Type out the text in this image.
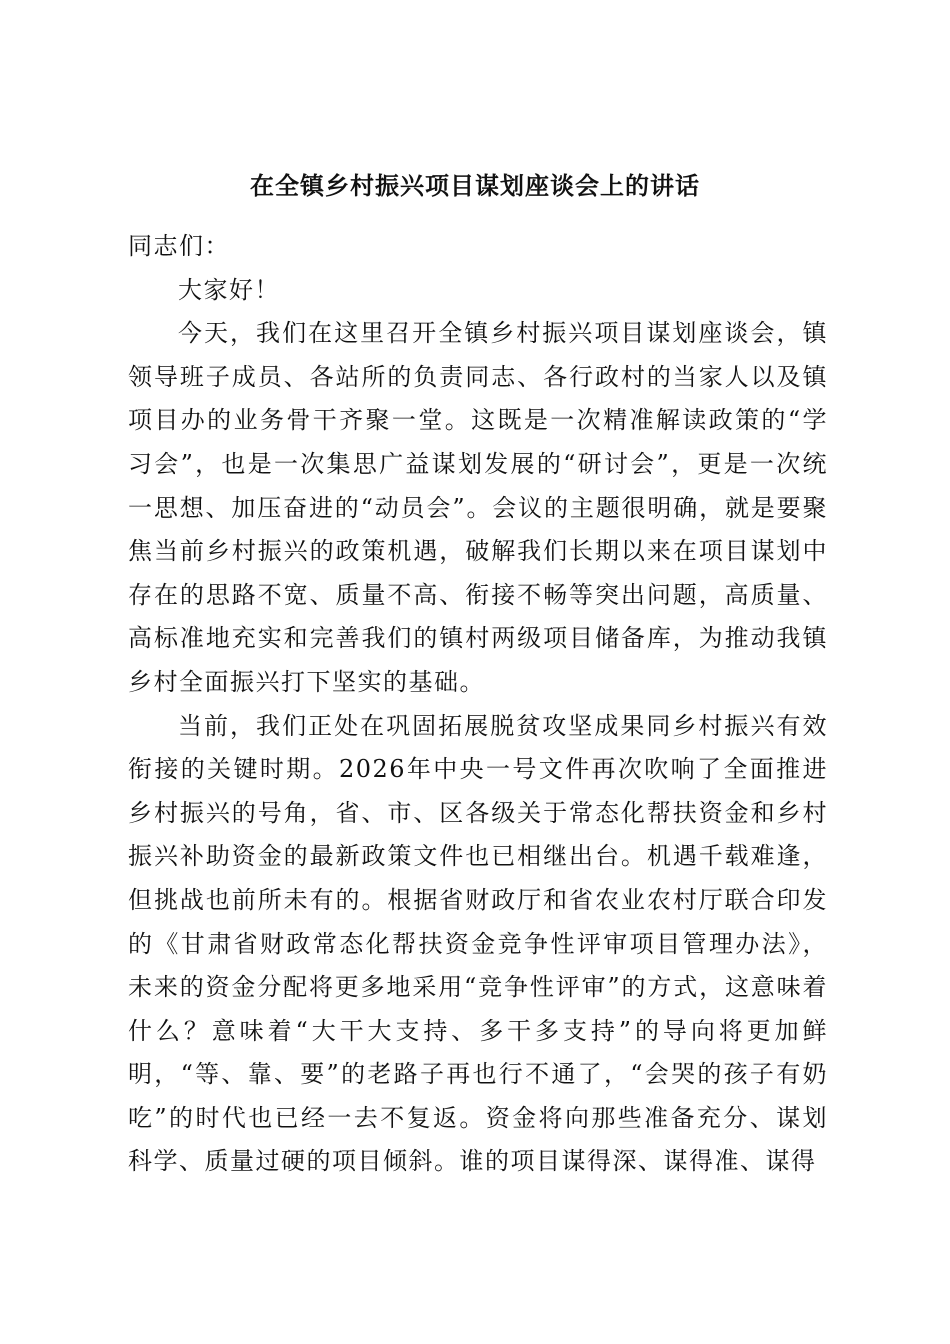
在全镇乡村振兴项目谋划座谈会上的讲话

同志们：

大家好！

今天，我们在这里召开全镇乡村振兴项目谋划座谈会，镇领导班子成员、各站所的负责同志、各行政村的当家人以及镇项目办的业务骨干齐聚一堂。这既是一次精准解读政策的“学习会”，也是一次集思广益谋划发展的“研讨会”，更是一次统一思想、加压奋进的“动员会”。会议的主题很明确，就是要聚焦当前乡村振兴的政策机遇，破解我们长期以来在项目谋划中存在的思路不宽、质量不高、衔接不畅等突出问题，高质量、高标准地充实和完善我们的镇村两级项目储备库，为推动我镇乡村全面振兴打下坚实的基础。

当前，我们正处在巩固拓展脱贫攻坚成果同乡村振兴有效衔接的关键时期。2026年中央一号文件再次吹响了全面推进乡村振兴的号角，省、市、区各级关于常态化帮扶资金和乡村振兴补助资金的最新政策文件也已相继出台。机遇千载难逢，但挑战也前所未有的。根据省财政厅和省农业农村厅联合印发的《甘肃省财政常态化帮扶资金竞争性评审项目管理办法》，未来的资金分配将更多地采用“竞争性评审”的方式，这意味着什么？意味着“大干大支持、多干多支持”的导向将更加鲜明，“等、靠、要”的老路子再也行不通了，“会哭的孩子有奶吃”的时代也已经一去不复返。资金将向那些准备充分、谋划科学、质量过硬的项目倾斜。谁的项目谋得深、谋得准、谋得
